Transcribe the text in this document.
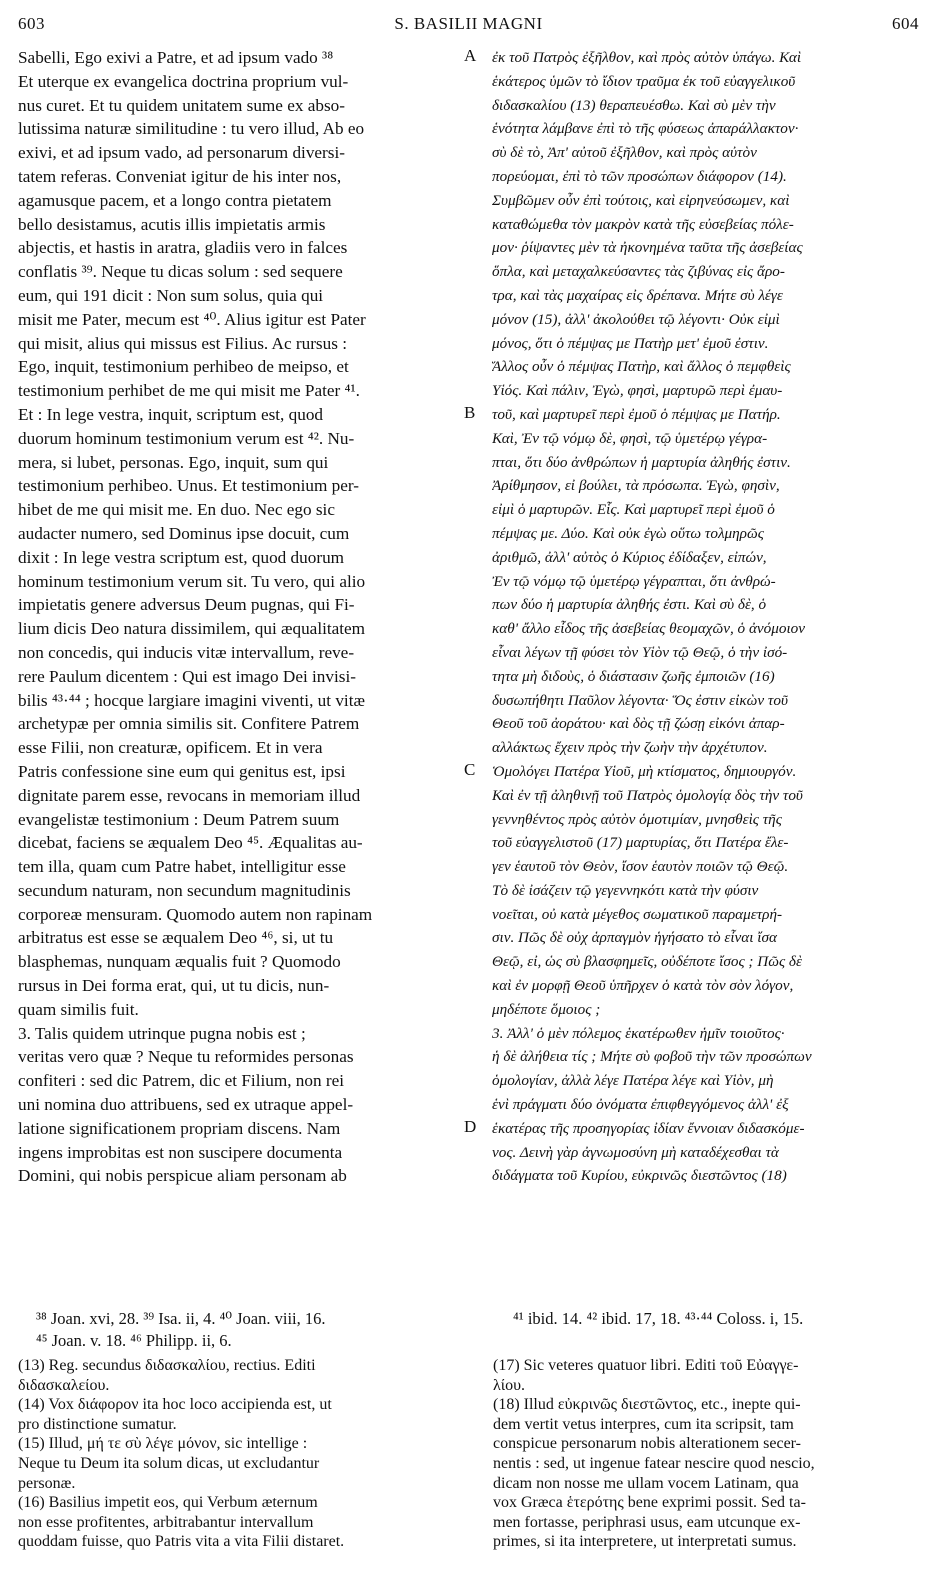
603	S. BASILII MAGNI	604
Sabelli, Ego exivi a Patre, et ad ipsum vado ³⁸
Et uterque ex evangelica doctrina proprium vul-
nus curet. Et tu quidem unitatem sume ex abso-
lutissima naturæ similitudine : tu vero illud, Ab eo
exivi, et ad ipsum vado, ad personarum diversi-
tatem referas. Conveniat igitur de his inter nos,
agamusque pacem, et a longo contra pietatem
bello desistamus, acutis illis impietatis armis
abjectis, et hastis in aratra, gladiis vero in falces
conflatis ³⁹. Neque tu dicas solum : sed sequere
eum, qui 191 dicit : Non sum solus, quia qui
misit me Pater, mecum est ⁴⁰. Alius igitur est Pater
qui misit, alius qui missus est Filius. Ac rursus :
Ego, inquit, testimonium perhibeo de meipso, et
testimonium perhibet de me qui misit me Pater ⁴¹.
Et : In lege vestra, inquit, scriptum est, quod
duorum hominum testimonium verum est ⁴². Nu-
mera, si lubet, personas. Ego, inquit, sum qui
testimonium perhibeo. Unus. Et testimonium per-
hibet de me qui misit me. En duo. Nec ego sic
audacter numero, sed Dominus ipse docuit, cum
dixit : In lege vestra scriptum est, quod duorum
hominum testimonium verum sit. Tu vero, qui alio
impietatis genere adversus Deum pugnas, qui Fi-
lium dicis Deo natura dissimilem, qui æqualitatem
non concedis, qui inducis vitæ intervallum, reve-
rere Paulum dicentem : Qui est imago Dei invisi-
bilis ⁴³·⁴⁴ ; hocque largiare imagini viventi, ut vitæ
archetypæ per omnia similis sit. Confitere Patrem
esse Filii, non creaturæ, opificem. Et in vera
Patris confessione sine eum qui genitus est, ipsi
dignitate parem esse, revocans in memoriam illud
evangelistæ testimonium : Deum Patrem suum
dicebat, faciens se æqualem Deo ⁴⁵. Æqualitas au-
tem illa, quam cum Patre habet, intelligitur esse
secundum naturam, non secundum magnitudinis
corporeæ mensuram. Quomodo autem non rapinam
arbitratus est esse se æqualem Deo ⁴⁶, si, ut tu
blasphemas, nunquam æqualis fuit ? Quomodo
rursus in Dei forma erat, qui, ut tu dicis, nun-
quam similis fuit.
3. Talis quidem utrinque pugna nobis est ;
veritas vero quæ ? Neque tu reformides personas
confiteri : sed dic Patrem, dic et Filium, non rei
uni nomina duo attribuens, sed ex utraque appel-
latione significationem propriam discens. Nam
ingens improbitas est non suscipere documenta
Domini, qui nobis perspicue aliam personam ab
ἐκ τοῦ Πατρὸς ἐξῆλθον, καὶ πρὸς αὐτὸν ὑπάγω. Καὶ
ἑκάτερος ὑμῶν τὸ ἴδιον τραῦμα ἐκ τοῦ εὐαγγελικοῦ
διδασκαλίου (13) θεραπευέσθω. Καὶ σὺ μὲν τὴν
ἑνότητα λάμβανε ἐπὶ τὸ τῆς φύσεως ἀπαράλλακτον·
σὺ δὲ τὸ, Ἀπ' αὐτοῦ ἐξῆλθον, καὶ πρὸς αὐτὸν
πορεύομαι, ἐπὶ τὸ τῶν προσώπων διάφορον (14).
Συμβῶμεν οὖν ἐπὶ τούτοις, καὶ εἰρηνεύσωμεν, καὶ
καταθώμεθα τὸν μακρὸν κατὰ τῆς εὐσεβείας πόλε-
μον· ῥίψαντες μὲν τὰ ἠκονημένα ταῦτα τῆς ἀσεβείας
ὅπλα, καὶ μεταχαλκεύσαντες τὰς ζιβύνας εἰς ἄρο-
τρα, καὶ τὰς μαχαίρας εἰς δρέπανα. Μήτε σὺ λέγε
μόνον (15), ἀλλ' ἀκολούθει τῷ λέγοντι· Οὐκ εἰμὶ
μόνος, ὅτι ὁ πέμψας με Πατὴρ μετ' ἐμοῦ ἐστιν.
Ἄλλος οὖν ὁ πέμψας Πατὴρ, καὶ ἄλλος ὁ πεμφθεὶς
Υἱός. Καὶ πάλιν, Ἐγὼ, φησὶ, μαρτυρῶ περὶ ἐμαυ-
τοῦ, καὶ μαρτυρεῖ περὶ ἐμοῦ ὁ πέμψας με Πατήρ.
Καὶ, Ἐν τῷ νόμῳ δὲ, φησὶ, τῷ ὑμετέρῳ γέγρα-
πται, ὅτι δύο ἀνθρώπων ἡ μαρτυρία ἀληθής ἐστιν.
Ἀρίθμησον, εἰ βούλει, τὰ πρόσωπα. Ἐγὼ, φησὶν,
εἰμὶ ὁ μαρτυρῶν. Εἷς. Καὶ μαρτυρεῖ περὶ ἐμοῦ ὁ
πέμψας με. Δύο. Καὶ οὐκ ἐγὼ οὕτω τολμηρῶς
ἀριθμῶ, ἀλλ' αὐτὸς ὁ Κύριος ἐδίδαξεν, εἰπών,
Ἐν τῷ νόμῳ τῷ ὑμετέρῳ γέγραπται, ὅτι ἀνθρώ-
πων δύο ἡ μαρτυρία ἀληθής ἐστι. Καὶ σὺ δὲ, ὁ
καθ' ἄλλο εἶδος τῆς ἀσεβείας θεομαχῶν, ὁ ἀνόμοιον
εἶναι λέγων τῇ φύσει τὸν Υἱὸν τῷ Θεῷ, ὁ τὴν ἰσό-
τητα μὴ διδοὺς, ὁ διάστασιν ζωῆς ἐμποιῶν (16)
δυσωπήθητι Παῦλον λέγοντα· Ὅς ἐστιν εἰκὼν τοῦ
Θεοῦ τοῦ ἀοράτου· καὶ δὸς τῇ ζώσῃ εἰκόνι ἀπαρ-
αλλάκτως ἔχειν πρὸς τὴν ζωὴν τὴν ἀρχέτυπον.
Ὁμολόγει Πατέρα Υἱοῦ, μὴ κτίσματος, δημιουργόν.
Καὶ ἐν τῇ ἀληθινῇ τοῦ Πατρὸς ὁμολογίᾳ δὸς τὴν τοῦ
γεννηθέντος πρὸς αὐτὸν ὁμοτιμίαν, μνησθεὶς τῆς
τοῦ εὐαγγελιστοῦ (17) μαρτυρίας, ὅτι Πατέρα ἔλε-
γεν ἑαυτοῦ τὸν Θεὸν, ἴσον ἑαυτὸν ποιῶν τῷ Θεῷ.
Τὸ δὲ ἰσάζειν τῷ γεγεννηκότι κατὰ τὴν φύσιν
νοεῖται, οὐ κατὰ μέγεθος σωματικοῦ παραμετρή-
σιν. Πῶς δὲ οὐχ ἁρπαγμὸν ἡγήσατο τὸ εἶναι ἴσα
Θεῷ, εἰ, ὡς σὺ βλασφημεῖς, οὐδέποτε ἴσος ; Πῶς δὲ
καὶ ἐν μορφῇ Θεοῦ ὑπῆρχεν ὁ κατὰ τὸν σὸν λόγον,
μηδέποτε ὅμοιος ;
3. Ἀλλ' ὁ μὲν πόλεμος ἑκατέρωθεν ἡμῖν τοιοῦτος·
ἡ δὲ ἀλήθεια τίς ; Μήτε σὺ φοβοῦ τὴν τῶν προσώπων
ὁμολογίαν, ἀλλὰ λέγε Πατέρα λέγε καὶ Υἱὸν, μὴ
ἑνὶ πράγματι δύο ὀνόματα ἐπιφθεγγόμενος ἀλλ' ἐξ
ἑκατέρας τῆς προσηγορίας ἰδίαν ἔννοιαν διδασκόμε-
νος. Δεινὴ γὰρ ἀγνωμοσύνη μὴ καταδέχεσθαι τὰ
διδάγματα τοῦ Κυρίου, εὐκρινῶς διεστῶντος (18)
A
B
C
D
³⁸ Joan. xvi, 28. ³⁹ Isa. ii, 4. ⁴⁰ Joan. viii, 16.	⁴¹ ibid. 14. ⁴² ibid. 17, 18. ⁴³·⁴⁴ Coloss. i, 15.
⁴⁵ Joan. v. 18. ⁴⁶ Philipp. ii, 6.
(13) Reg. secundus διδασκαλίου, rectius. Editi
διδασκαλείου.
(14) Vox διάφορον ita hoc loco accipienda est, ut
pro distinctione sumatur.
(15) Illud, μή τε σὺ λέγε μόνον, sic intellige :
Neque tu Deum ita solum dicas, ut excludantur
personæ.
(16) Basilius impetit eos, qui Verbum æternum
non esse profitentes, arbitrabantur intervallum
quoddam fuisse, quo Patris vita a vita Filii distaret.
(17) Sic veteres quatuor libri. Editi τοῦ Εὐαγγε-
λίου.
(18) Illud εὐκρινῶς διεστῶντος, etc., inepte qui-
dem vertit vetus interpres, cum ita scripsit, tam
conspicue personarum nobis alterationem secer-
nentis : sed, ut ingenue fatear nescire quod nescio,
dicam non nosse me ullam vocem Latinam, qua
vox Græca ἑτερότης bene exprimi possit. Sed ta-
men fortasse, periphrasi usus, eam utcunque ex-
primes, si ita interpretere, ut interpretati sumus.
